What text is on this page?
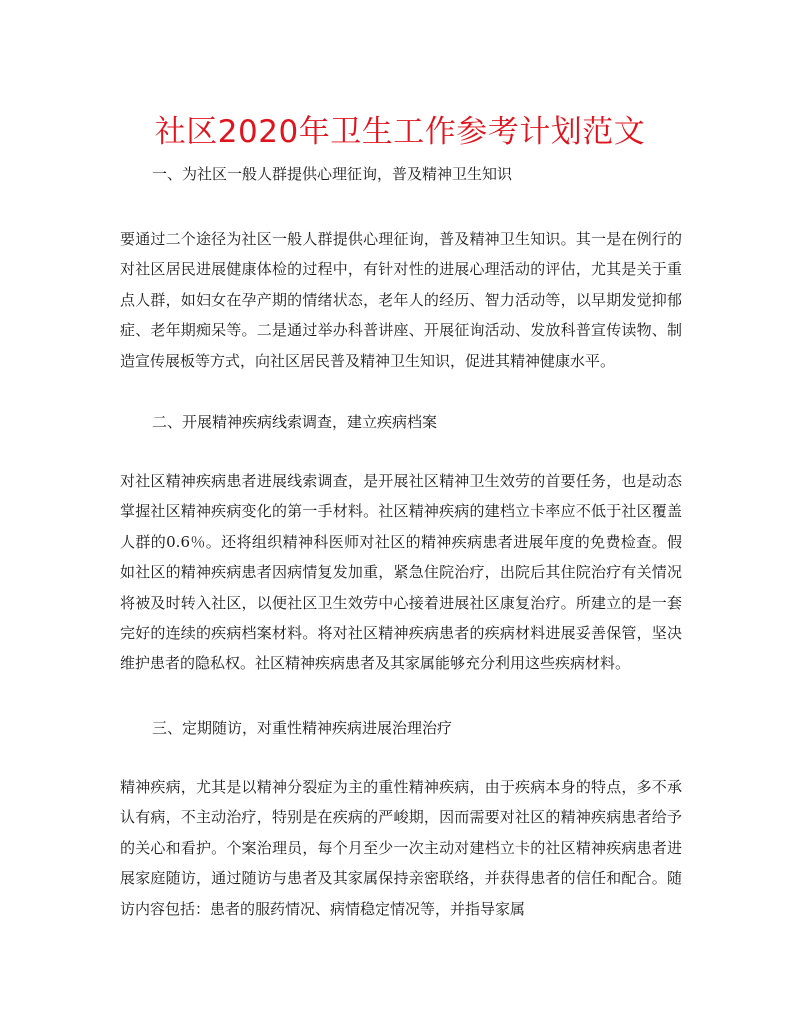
社区2020年卫生工作参考计划范文

一、为社区一般人群提供心理征询，普及精神卫生知识

要通过二个途径为社区一般人群提供心理征询，普及精神卫生知识。其一是在例行的对社区居民进展健康体检的过程中，有针对性的进展心理活动的评估，尤其是关于重点人群，如妇女在孕产期的情绪状态，老年人的经历、智力活动等，以早期发觉抑郁症、老年期痴呆等。二是通过举办科普讲座、开展征询活动、发放科普宣传读物、制造宣传展板等方式，向社区居民普及精神卫生知识，促进其精神健康水平。

二、开展精神疾病线索调查，建立疾病档案

对社区精神疾病患者进展线索调查，是开展社区精神卫生效劳的首要任务，也是动态掌握社区精神疾病变化的第一手材料。社区精神疾病的建档立卡率应不低于社区覆盖人群的0.6％。还将组织精神科医师对社区的精神疾病患者进展年度的免费检查。假如社区的精神疾病患者因病情复发加重，紧急住院治疗，出院后其住院治疗有关情况将被及时转入社区，以便社区卫生效劳中心接着进展社区康复治疗。所建立的是一套完好的连续的疾病档案材料。将对社区精神疾病患者的疾病材料进展妥善保管，坚决维护患者的隐私权。社区精神疾病患者及其家属能够充分利用这些疾病材料。

三、定期随访，对重性精神疾病进展治理治疗

精神疾病，尤其是以精神分裂症为主的重性精神疾病，由于疾病本身的特点，多不承认有病，不主动治疗，特别是在疾病的严峻期，因而需要对社区的精神疾病患者给予的关心和看护。个案治理员，每个月至少一次主动对建档立卡的社区精神疾病患者进展家庭随访，通过随访与患者及其家属保持亲密联络，并获得患者的信任和配合。随访内容包括：患者的服药情况、病情稳定情况等，并指导家属
